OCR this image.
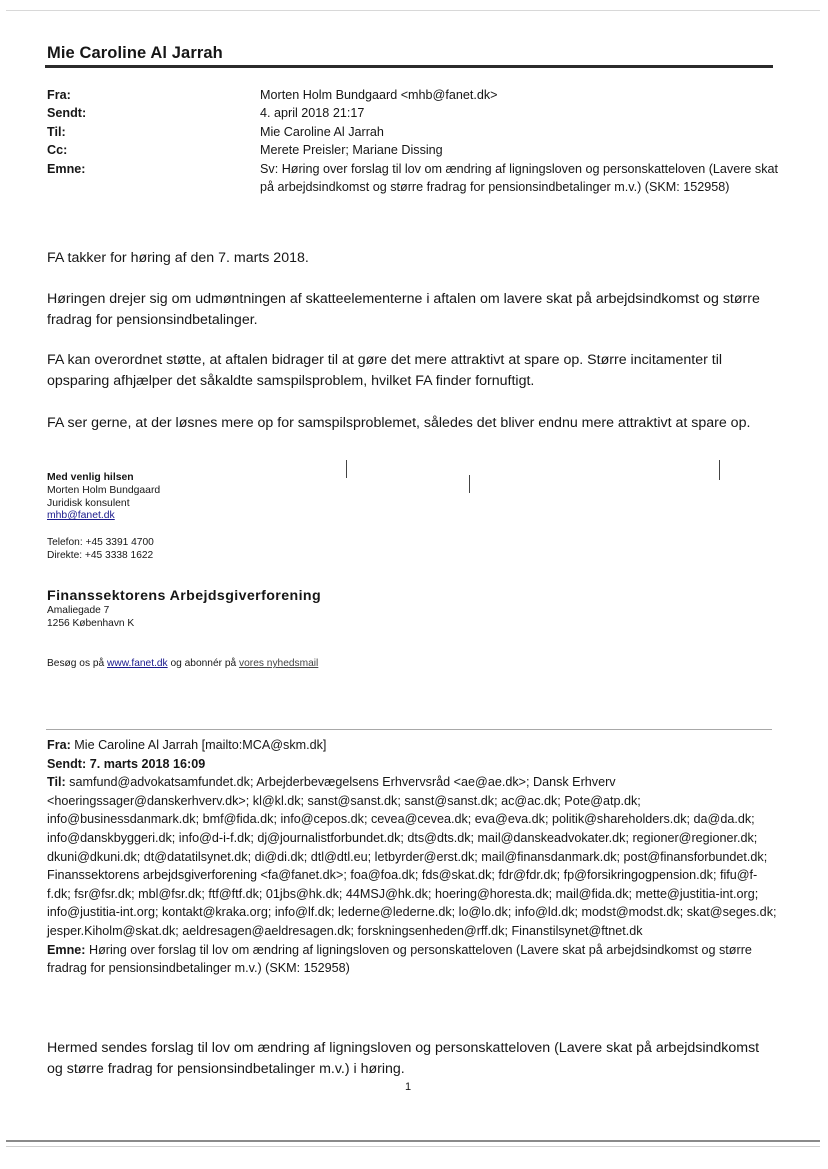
Mie Caroline Al Jarrah
Fra:	Morten Holm Bundgaard <mhb@fanet.dk>
Sendt:	4. april 2018 21:17
Til:	Mie Caroline Al Jarrah
Cc:	Merete Preisler; Mariane Dissing
Emne:	Sv: Høring over forslag til lov om ændring af ligningsloven og personskatteloven (Lavere skat på arbejdsindkomst og større fradrag for pensionsindbetalinger m.v.) (SKM: 152958)
FA takker for høring af den 7. marts 2018.
Høringen drejer sig om udmøntningen af skatteelementerne i aftalen om lavere skat på arbejdsindkomst og større fradrag for pensionsindbetalinger.
FA kan overordnet støtte, at aftalen bidrager til at gøre det mere attraktivt at spare op. Større incitamenter til opsparing afhjælper det såkaldte samspilsproblem, hvilket FA finder fornuftigt.
FA ser gerne, at der løsnes mere op for samspilsproblemet, således det bliver endnu mere attraktivt at spare op.
Med venlig hilsen
Morten Holm Bundgaard
Juridisk konsulent
mhb@fanet.dk
Telefon: +45 3391 4700
Direkte: +45 3338 1622
Finanssektorens Arbejdsgiverforening
Amaliegade 7
1256 København K
Besøg os på www.fanet.dk og abonnér på vores nyhedsmail
Fra: Mie Caroline Al Jarrah [mailto:MCA@skm.dk]
Sendt: 7. marts 2018 16:09
Til: samfund@advokatsamfundet.dk; Arbejderbevægelsens Erhvervsråd <ae@ae.dk>; Dansk Erhverv <hoeringssager@danskerhverv.dk>; kl@kl.dk; sanst@sanst.dk; sanst@sanst.dk; ac@ac.dk; Pote@atp.dk; info@businessdanmark.dk; bmf@fida.dk; info@cepos.dk; cevea@cevea.dk; eva@eva.dk; politik@shareholders.dk; da@da.dk; info@danskbyggeri.dk; info@d-i-f.dk; dj@journalistforbundet.dk; dts@dts.dk; mail@danskeadvokater.dk; regioner@regioner.dk; dkuni@dkuni.dk; dt@datatilsynet.dk; di@di.dk; dtl@dtl.eu; letbyrder@erst.dk; mail@finansdanmark.dk; post@finansforbundet.dk; Finanssektorens arbejdsgiverforening <fa@fanet.dk>; foa@foa.dk; fds@skat.dk; fdr@fdr.dk; fp@forsikringogpension.dk; fifu@f-f.dk; fsr@fsr.dk; mbl@fsr.dk; ftf@ftf.dk; 01jbs@hk.dk; 44MSJ@hk.dk; hoering@horesta.dk; mail@fida.dk; mette@justitia-int.org; info@justitia-int.org; kontakt@kraka.org; info@lf.dk; lederne@lederne.dk; lo@lo.dk; info@ld.dk; modst@modst.dk; skat@seges.dk; jesper.Kiholm@skat.dk; aeldresagen@aeldresagen.dk; forskningsenheden@rff.dk; Finanstilsynet@ftnet.dk
Emne: Høring over forslag til lov om ændring af ligningsloven og personskatteloven (Lavere skat på arbejdsindkomst og større fradrag for pensionsindbetalinger m.v.) (SKM: 152958)
Hermed sendes forslag til lov om ændring af ligningsloven og personskatteloven (Lavere skat på arbejdsindkomst og større fradrag for pensionsindbetalinger m.v.) i høring.
1
